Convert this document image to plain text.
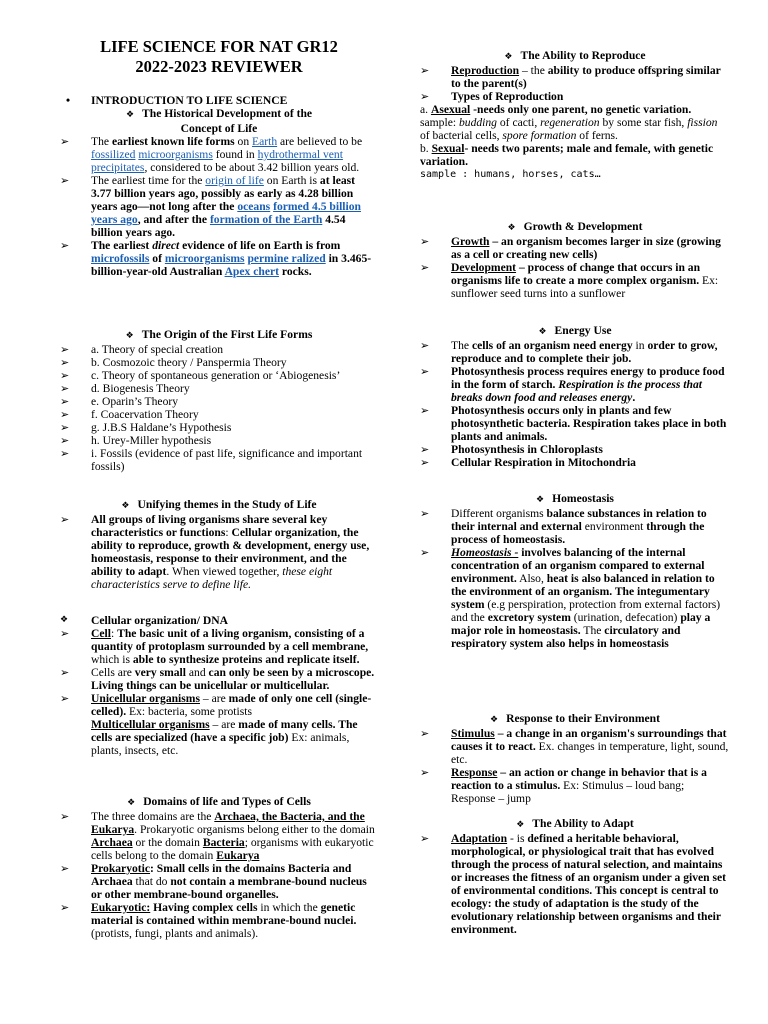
LIFE SCIENCE FOR NAT GR12
2022-2023 REVIEWER
• INTRODUCTION TO LIFE SCIENCE
❖ The Historical Development of the
Concept of Life
➢ The earliest known life forms on Earth are believed to be fossilized microorganisms found in hydrothermal vent precipitates, considered to be about 3.42 billion years old.
➢ The earliest time for the origin of life on Earth is at least 3.77 billion years ago, possibly as early as 4.28 billion years ago—not long after the oceans formed 4.5 billion years ago, and after the formation of the Earth 4.54 billion years ago.
➢ The earliest direct evidence of life on Earth is from microfossils of microorganisms permine ralized in 3.465-billion-year-old Australian Apex chert rocks.
❖ The Origin of the First Life Forms
➢ a. Theory of special creation
➢ b. Cosmozoic theory / Panspermia Theory
➢ c. Theory of spontaneous generation or ‘Abiogenesis’
➢ d. Biogenesis Theory
➢ e. Oparin’s Theory
➢ f. Coacervation Theory
➢ g. J.B.S Haldane’s Hypothesis
➢ h. Urey-Miller hypothesis
➢ i. Fossils (evidence of past life, significance and important fossils)
❖ Unifying themes in the Study of Life
➢ All groups of living organisms share several key characteristics or functions: Cellular organization, the ability to reproduce, growth & development, energy use, homeostasis, response to their environment, and the ability to adapt. When viewed together, these eight characteristics serve to define life.
❖ Cellular organization/ DNA
➢ Cell: The basic unit of a living organism, consisting of a quantity of protoplasm surrounded by a cell membrane, which is able to synthesize proteins and replicate itself.
➢ Cells are very small and can only be seen by a microscope. Living things can be unicellular or multicellular.
➢ Unicellular organisms – are made of only one cell (single-celled). Ex: bacteria, some protists
Multicellular organisms – are made of many cells. The cells are specialized (have a specific job) Ex: animals, plants, insects, etc.
❖ Domains of life and Types of Cells
➢ The three domains are the Archaea, the Bacteria, and the Eukarya. Prokaryotic organisms belong either to the domain Archaea or the domain Bacteria; organisms with eukaryotic cells belong to the domain Eukarya
➢ Prokaryotic: Small cells in the domains Bacteria and Archaea that do not contain a membrane-bound nucleus or other membrane-bound organelles.
➢ Eukaryotic: Having complex cells in which the genetic material is contained within membrane-bound nuclei. (protists, fungi, plants and animals).
❖ The Ability to Reproduce
➢ Reproduction – the ability to produce offspring similar to the parent(s)
➢ Types of Reproduction
a. Asexual -needs only one parent, no genetic variation.
sample: budding of cacti, regeneration by some star fish, fission of bacterial cells, spore formation of ferns.
b. Sexual- needs two parents; male and female, with genetic variation.
sample : humans, horses, cats…
❖ Growth & Development
➢ Growth – an organism becomes larger in size (growing as a cell or creating new cells)
➢ Development – process of change that occurs in an organisms life to create a more complex organism. Ex: sunflower seed turns into a sunflower
❖ Energy Use
➢ The cells of an organism need energy in order to grow, reproduce and to complete their job.
➢ Photosynthesis process requires energy to produce food in the form of starch. Respiration is the process that breaks down food and releases energy.
➢ Photosynthesis occurs only in plants and few photosynthetic bacteria. Respiration takes place in both plants and animals.
➢ Photosynthesis in Chloroplasts
➢ Cellular Respiration in Mitochondria
❖ Homeostasis
➢ Different organisms balance substances in relation to their internal and external environment through the process of homeostasis.
➢ Homeostasis - involves balancing of the internal concentration of an organism compared to external environment. Also, heat is also balanced in relation to the environment of an organism. The integumentary system (e.g perspiration, protection from external factors) and the excretory system (urination, defecation) play a major role in homeostasis. The circulatory and respiratory system also helps in homeostasis
❖ Response to their Environment
➢ Stimulus – a change in an organism's surroundings that causes it to react. Ex. changes in temperature, light, sound, etc.
➢ Response – an action or change in behavior that is a reaction to a stimulus. Ex: Stimulus – loud bang; Response – jump
❖ The Ability to Adapt
➢ Adaptation - is defined a heritable behavioral, morphological, or physiological trait that has evolved through the process of natural selection, and maintains or increases the fitness of an organism under a given set of environmental conditions. This concept is central to ecology: the study of adaptation is the study of the evolutionary relationship between organisms and their environment.
